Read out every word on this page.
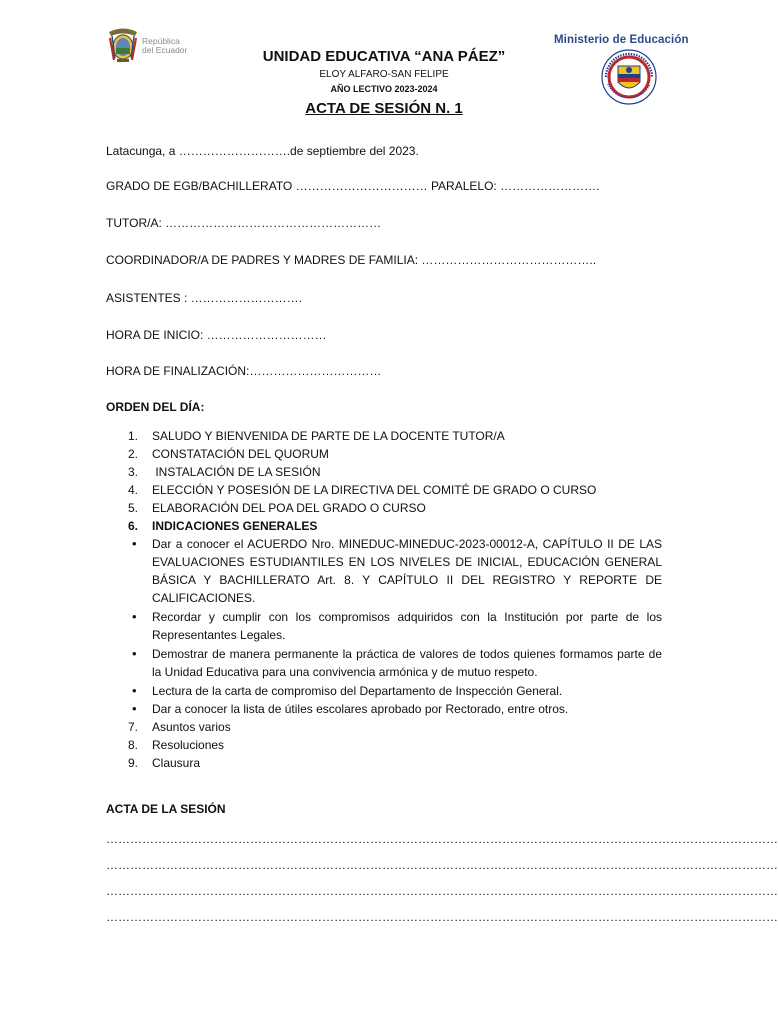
República
del Ecuador
Ministerio de Educación
UNIDAD EDUCATIVA “ANA PÁEZ”
ELOY ALFARO-SAN FELIPE
AÑO LECTIVO 2023-2024
ACTA DE SESIÓN N. 1
Latacunga, a ……………………….de septiembre del 2023.
GRADO DE EGB/BACHILLERATO …………………………… PARALELO: …………………….
TUTOR/A: ………………………………………………
COORDINADOR/A DE PADRES Y MADRES DE FAMILIA: ……………………………………..
ASISTENTES : ……………………….
HORA DE INICIO: …………………………
HORA DE FINALIZACIÓN:……………………………
ORDEN DEL DÍA:
1.	SALUDO Y BIENVENIDA DE PARTE DE LA DOCENTE TUTOR/A
2.	CONSTATACIÓN DEL QUORUM
3.	INSTALACIÓN DE LA SESIÓN
4.	ELECCIÓN Y POSESIÓN DE LA DIRECTIVA DEL COMITÉ DE GRADO O CURSO
5.	ELABORACIÓN DEL POA DEL GRADO O CURSO
6.	INDICACIONES GENERALES
•	Dar a conocer el ACUERDO Nro. MINEDUC-MINEDUC-2023-00012-A, CAPÍTULO II DE LAS EVALUACIONES ESTUDIANTILES EN LOS NIVELES DE INICIAL, EDUCACIÓN GENERAL BÁSICA Y BACHILLERATO Art. 8. Y CAPÍTULO II DEL REGISTRO Y REPORTE DE CALIFICACIONES.
•	Recordar y cumplir con los compromisos adquiridos con la Institución por parte de los Representantes Legales.
•	Demostrar de manera permanente la práctica de valores de todos quienes formamos parte de la Unidad Educativa para una convivencia armónica y de mutuo respeto.
•	Lectura de la carta de compromiso del Departamento de Inspección General.
•	Dar a conocer la lista de útiles escolares aprobado por Rectorado, entre otros.
7.	Asuntos varios
8.	Resoluciones
9.	Clausura
ACTA DE LA SESIÓN
……………………………………………………………………………………………………………………………………………………
……………………………………………………………………………………………………………………………………………………
……………………………………………………………………………………………………………………………………………………
……………………………………………………………………………………………………………………………………………………
